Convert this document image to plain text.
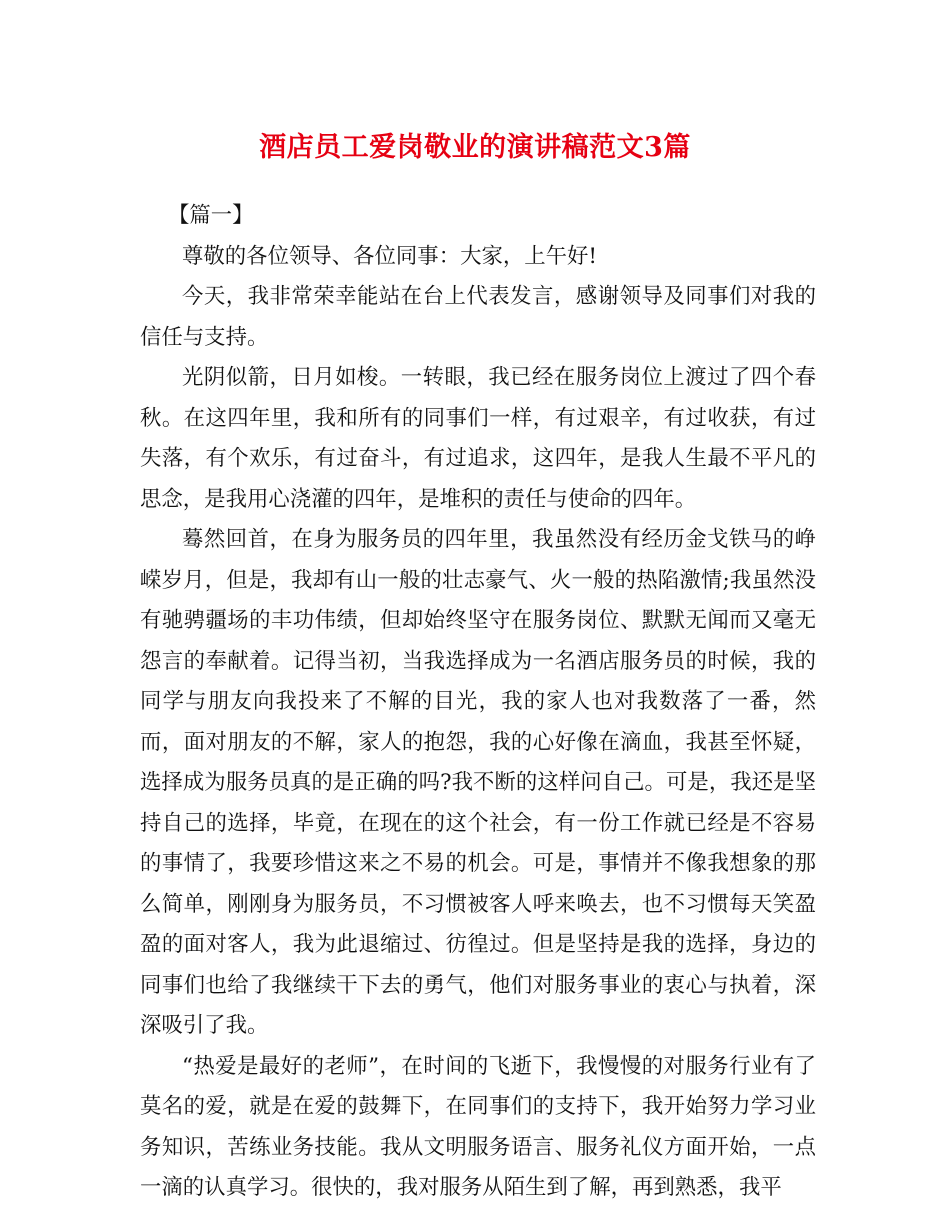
酒店员工爱岗敬业的演讲稿范文3篇

【篇一】

尊敬的各位领导、各位同事：大家，上午好!

今天，我非常荣幸能站在台上代表发言，感谢领导及同事们对我的信任与支持。

光阴似箭，日月如梭。一转眼，我已经在服务岗位上渡过了四个春秋。在这四年里，我和所有的同事们一样，有过艰辛，有过收获，有过失落，有个欢乐，有过奋斗，有过追求，这四年，是我人生最不平凡的思念，是我用心浇灌的四年，是堆积的责任与使命的四年。

蓦然回首，在身为服务员的四年里，我虽然没有经历金戈铁马的峥嵘岁月，但是，我却有山一般的壮志豪气、火一般的热陷激情;我虽然没有驰骋疆场的丰功伟绩，但却始终坚守在服务岗位、默默无闻而又毫无怨言的奉献着。记得当初，当我选择成为一名酒店服务员的时候，我的同学与朋友向我投来了不解的目光，我的家人也对我数落了一番，然而，面对朋友的不解，家人的抱怨，我的心好像在滴血，我甚至怀疑，选择成为服务员真的是正确的吗?我不断的这样问自己。可是，我还是坚持自己的选择，毕竟，在现在的这个社会，有一份工作就已经是不容易的事情了，我要珍惜这来之不易的机会。可是，事情并不像我想象的那么简单，刚刚身为服务员，不习惯被客人呼来唤去，也不习惯每天笑盈盈的面对客人，我为此退缩过、彷徨过。但是坚持是我的选择，身边的同事们也给了我继续干下去的勇气，他们对服务事业的衷心与执着，深深吸引了我。

“热爱是最好的老师”，在时间的飞逝下，我慢慢的对服务行业有了莫名的爱，就是在爱的鼓舞下，在同事们的支持下，我开始努力学习业务知识，苦练业务技能。我从文明服务语言、服务礼仪方面开始，一点一滴的认真学习。很快的，我对服务从陌生到了解，再到熟悉，我平
